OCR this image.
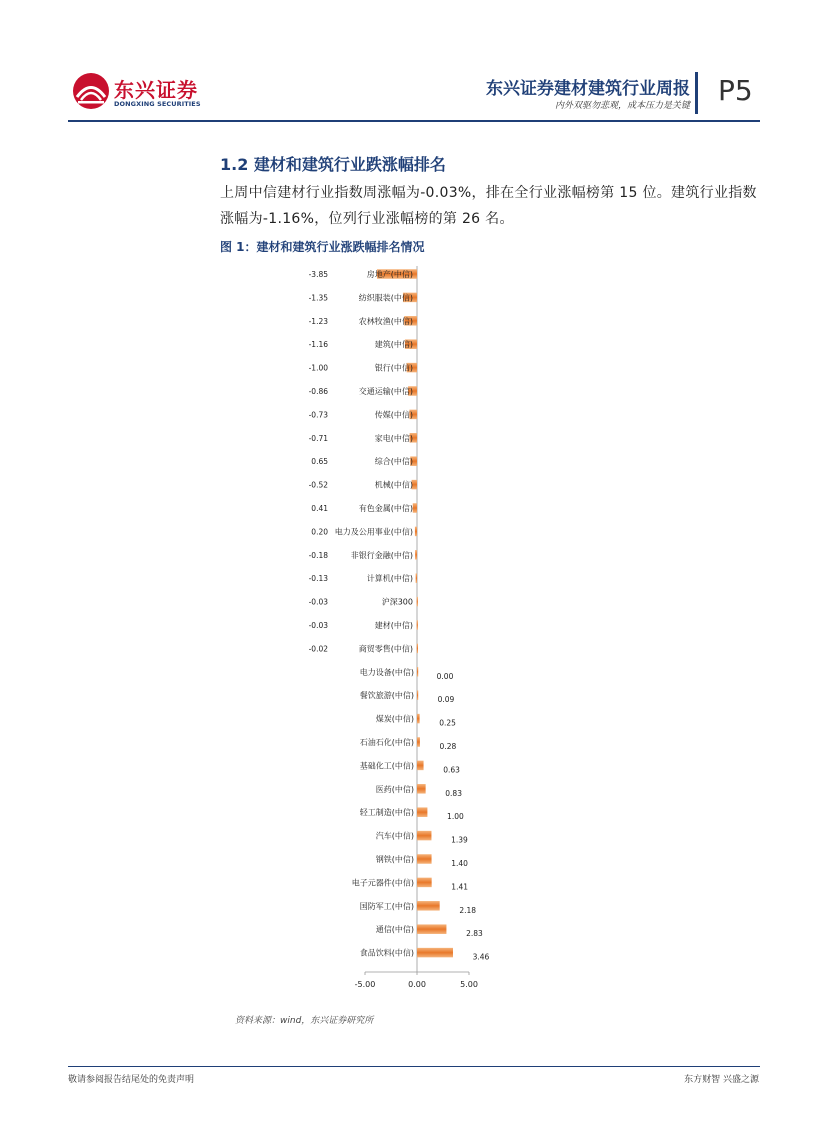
东兴证券
DONGXING SECURITIES
东兴证券建材建筑行业周报
内外双驱勿悲观，成本压力是关键 P5
1.2 建材和建筑行业跌涨幅排名
上周中信建材行业指数周涨幅为-0.03%，排在全行业涨幅榜第 15 位。建筑行业指数涨幅为-1.16%，位列行业涨幅榜的第 26 名。
图 1：建材和建筑行业涨跌幅排名情况
房地产(中信)
-3.85
纺织服装(中信)
-1.35
农林牧渔(中信)
-1.23
建筑(中信)
-1.16
银行(中信)
-1.00
交通运输(中信)
-0.86
传媒(中信)
-0.73
家电(中信)
-0.71
综合(中信)
0.65
机械(中信)
-0.52
有色金属(中信)
0.41
电力及公用事业(中信)
0.20
非银行金融(中信)
-0.18
计算机(中信)
-0.13
沪深300
-0.03
建材(中信)
-0.03
商贸零售(中信)
-0.02
电力设备(中信)	0.00
餐饮旅游(中信)	0.09
煤炭(中信)	0.25
石油石化(中信)	0.28
基础化工(中信)	0.63
医药(中信)	0.83
轻工制造(中信)	1.00
汽车(中信)	1.39
钢铁(中信)	1.40
电子元器件(中信)	1.41
国防军工(中信)	2.18
通信(中信)	2.83
食品饮料(中信)	3.46
-5.00	0.00	5.00
资料来源：wind，东兴证券研究所
敬请参阅报告结尾处的免责声明	东方财智 兴盛之源
